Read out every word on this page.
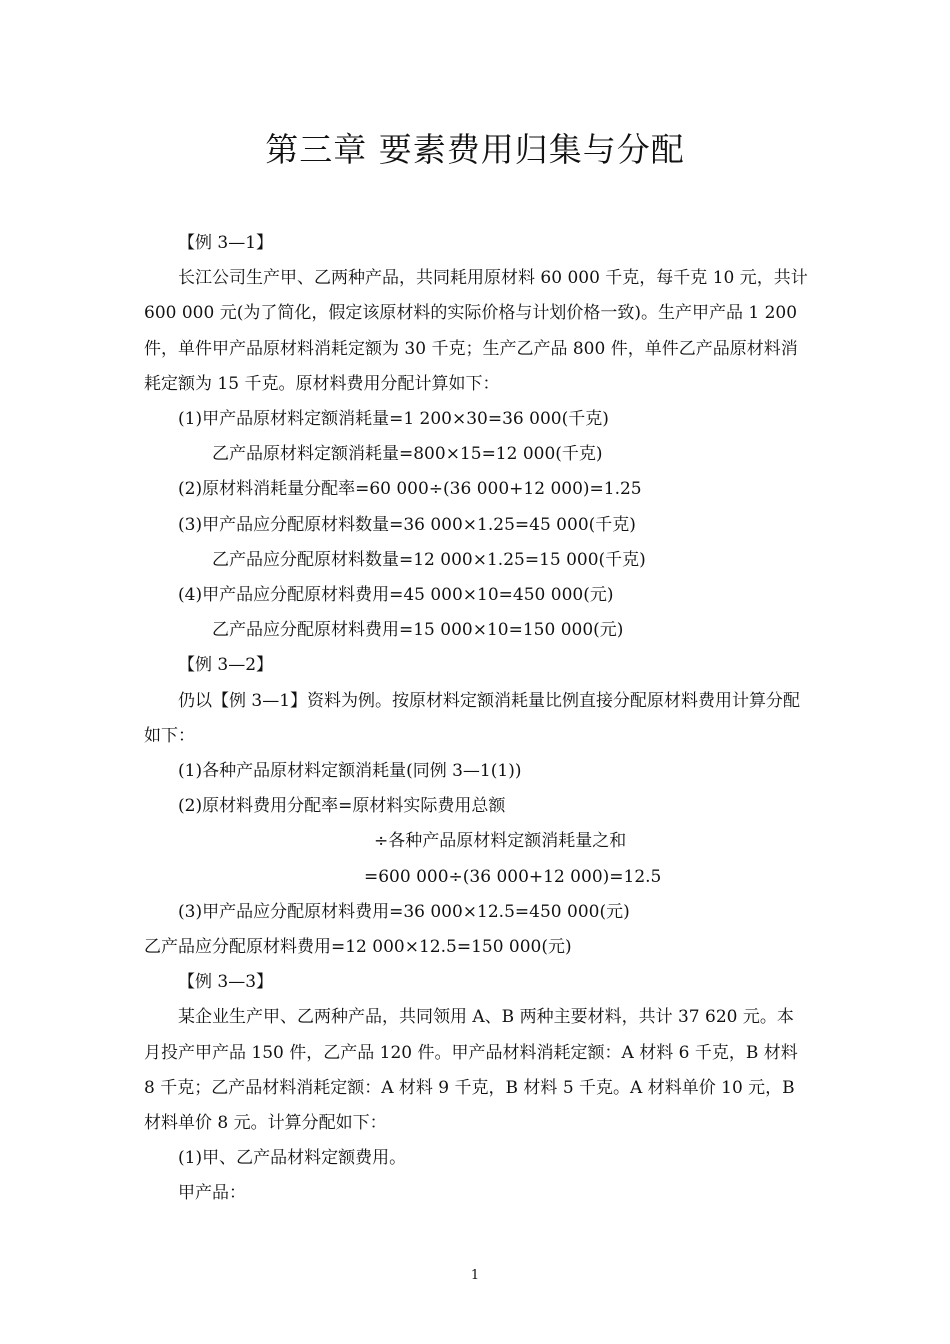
第三章 要素费用归集与分配

【例 3—1】

长江公司生产甲、乙两种产品，共同耗用原材料 60 000 千克，每千克 10 元，共计 600 000 元(为了简化，假定该原材料的实际价格与计划价格一致)。生产甲产品 1 200 件，单件甲产品原材料消耗定额为 30 千克；生产乙产品 800 件，单件乙产品原材料消耗定额为 15 千克。原材料费用分配计算如下：

(1)甲产品原材料定额消耗量=1 200×30=36 000(千克)

乙产品原材料定额消耗量=800×15=12 000(千克)

(2)原材料消耗量分配率=60 000÷(36 000+12 000)=1.25

(3)甲产品应分配原材料数量=36 000×1.25=45 000(千克)

乙产品应分配原材料数量=12 000×1.25=15 000(千克)

(4)甲产品应分配原材料费用=45 000×10=450 000(元)

乙产品应分配原材料费用=15 000×10=150 000(元)

【例 3—2】

仍以【例 3—1】资料为例。按原材料定额消耗量比例直接分配原材料费用计算分配如下：

(1)各种产品原材料定额消耗量(同例 3—1(1))

(2)原材料费用分配率=原材料实际费用总额

÷各种产品原材料定额消耗量之和

=600 000÷(36 000+12 000)=12.5

(3)甲产品应分配原材料费用=36 000×12.5=450 000(元)

乙产品应分配原材料费用=12 000×12.5=150 000(元)

【例 3—3】

某企业生产甲、乙两种产品，共同领用 A、B 两种主要材料，共计 37 620 元。本月投产甲产品 150 件，乙产品 120 件。甲产品材料消耗定额：A 材料 6 千克，B 材料 8 千克；乙产品材料消耗定额：A 材料 9 千克，B 材料 5 千克。A 材料单价 10 元，B 材料单价 8 元。计算分配如下：

(1)甲、乙产品材料定额费用。

甲产品：

1
